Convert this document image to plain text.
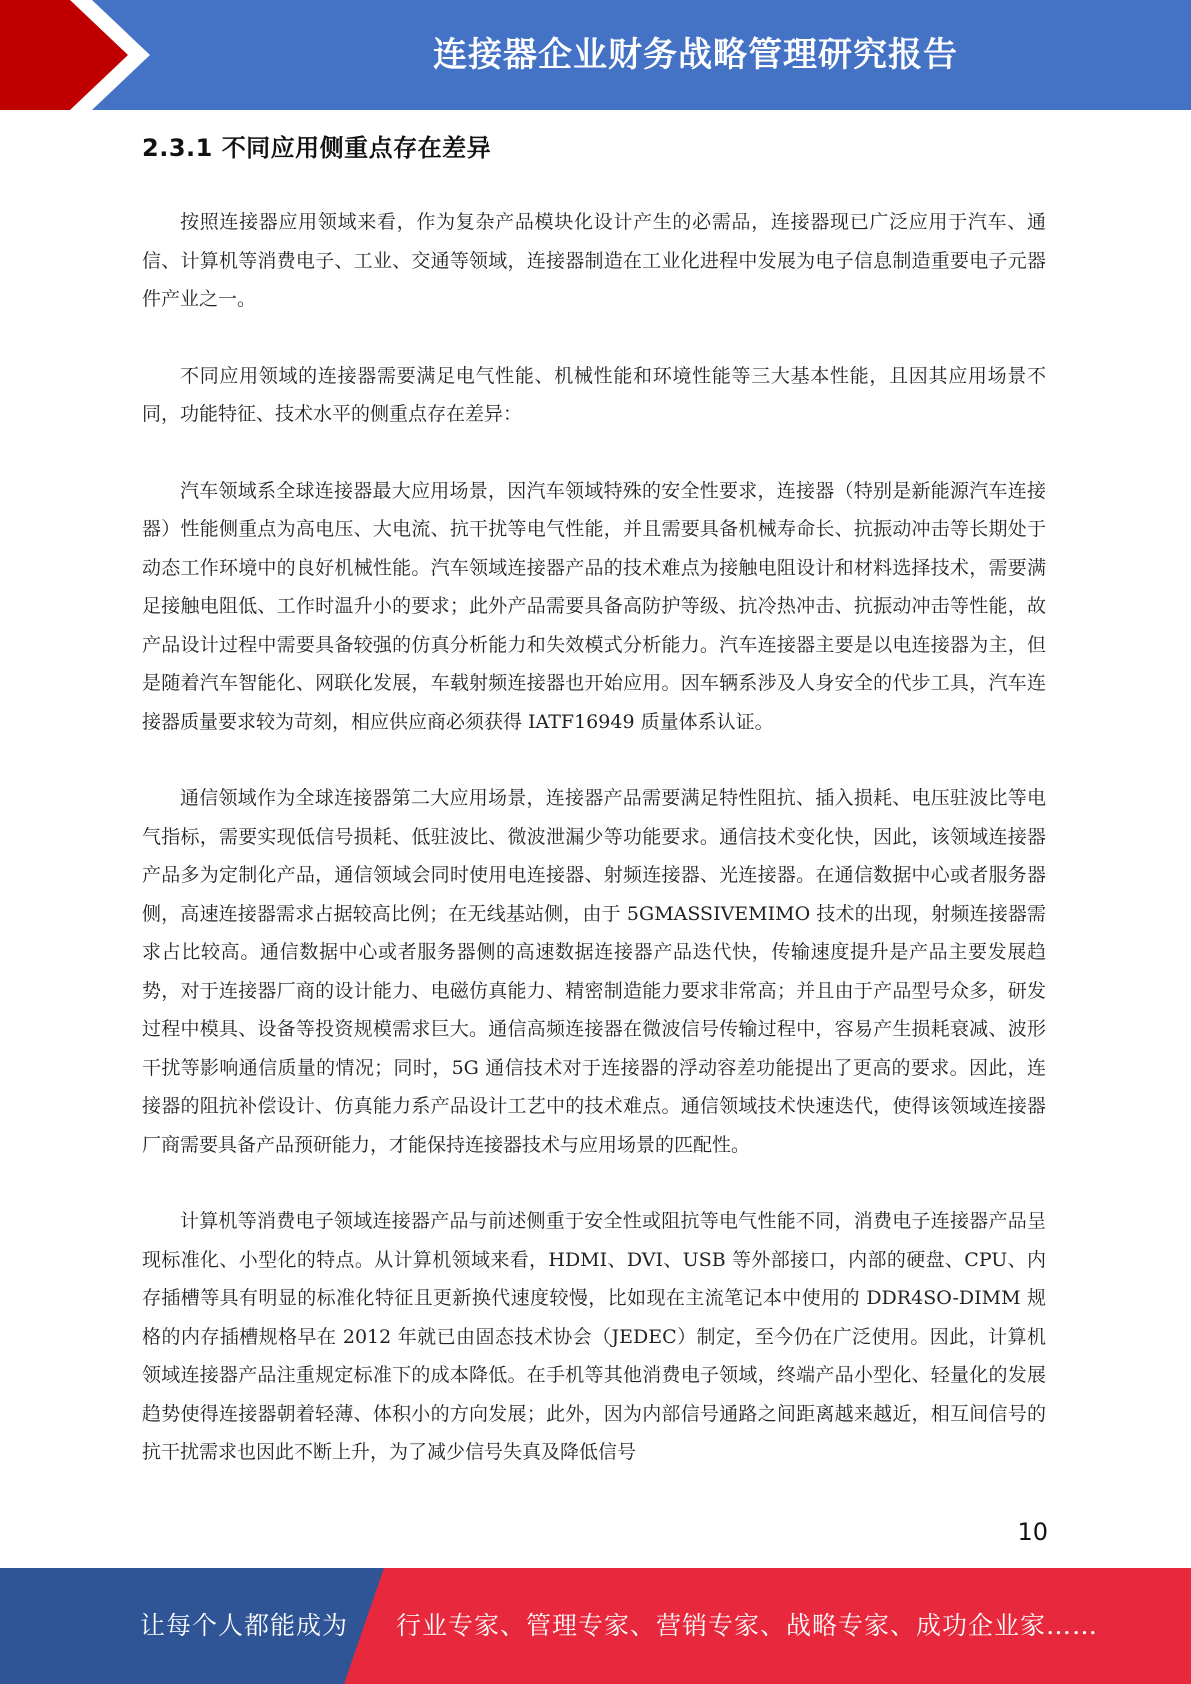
连接器企业财务战略管理研究报告
2.3.1 不同应用侧重点存在差异

按照连接器应用领域来看，作为复杂产品模块化设计产生的必需品，连接器现已广泛应用于汽车、通信、计算机等消费电子、工业、交通等领域，连接器制造在工业化进程中发展为电子信息制造重要电子元器件产业之一。

不同应用领域的连接器需要满足电气性能、机械性能和环境性能等三大基本性能，且因其应用场景不同，功能特征、技术水平的侧重点存在差异：

汽车领域系全球连接器最大应用场景，因汽车领域特殊的安全性要求，连接器（特别是新能源汽车连接器）性能侧重点为高电压、大电流、抗干扰等电气性能，并且需要具备机械寿命长、抗振动冲击等长期处于动态工作环境中的良好机械性能。汽车领域连接器产品的技术难点为接触电阻设计和材料选择技术，需要满足接触电阻低、工作时温升小的要求；此外产品需要具备高防护等级、抗冷热冲击、抗振动冲击等性能，故产品设计过程中需要具备较强的仿真分析能力和失效模式分析能力。汽车连接器主要是以电连接器为主，但是随着汽车智能化、网联化发展，车载射频连接器也开始应用。因车辆系涉及人身安全的代步工具，汽车连接器质量要求较为苛刻，相应供应商必须获得 IATF16949 质量体系认证。

通信领域作为全球连接器第二大应用场景，连接器产品需要满足特性阻抗、插入损耗、电压驻波比等电气指标，需要实现低信号损耗、低驻波比、微波泄漏少等功能要求。通信技术变化快，因此，该领域连接器产品多为定制化产品，通信领域会同时使用电连接器、射频连接器、光连接器。在通信数据中心或者服务器侧，高速连接器需求占据较高比例；在无线基站侧，由于 5GMASSIVEMIMO 技术的出现，射频连接器需求占比较高。通信数据中心或者服务器侧的高速数据连接器产品迭代快，传输速度提升是产品主要发展趋势，对于连接器厂商的设计能力、电磁仿真能力、精密制造能力要求非常高；并且由于产品型号众多，研发过程中模具、设备等投资规模需求巨大。通信高频连接器在微波信号传输过程中，容易产生损耗衰减、波形干扰等影响通信质量的情况；同时，5G 通信技术对于连接器的浮动容差功能提出了更高的要求。因此，连接器的阻抗补偿设计、仿真能力系产品设计工艺中的技术难点。通信领域技术快速迭代，使得该领域连接器厂商需要具备产品预研能力，才能保持连接器技术与应用场景的匹配性。

计算机等消费电子领域连接器产品与前述侧重于安全性或阻抗等电气性能不同，消费电子连接器产品呈现标准化、小型化的特点。从计算机领域来看，HDMI、DVI、USB 等外部接口，内部的硬盘、CPU、内存插槽等具有明显的标准化特征且更新换代速度较慢，比如现在主流笔记本中使用的 DDR4SO-DIMM 规格的内存插槽规格早在 2012 年就已由固态技术协会（JEDEC）制定，至今仍在广泛使用。因此，计算机领域连接器产品注重规定标准下的成本降低。在手机等其他消费电子领域，终端产品小型化、轻量化的发展趋势使得连接器朝着轻薄、体积小的方向发展；此外，因为内部信号通路之间距离越来越近，相互间信号的抗干扰需求也因此不断上升，为了减少信号失真及降低信号

10
让每个人都能成为 行业专家、管理专家、营销专家、战略专家、成功企业家……
